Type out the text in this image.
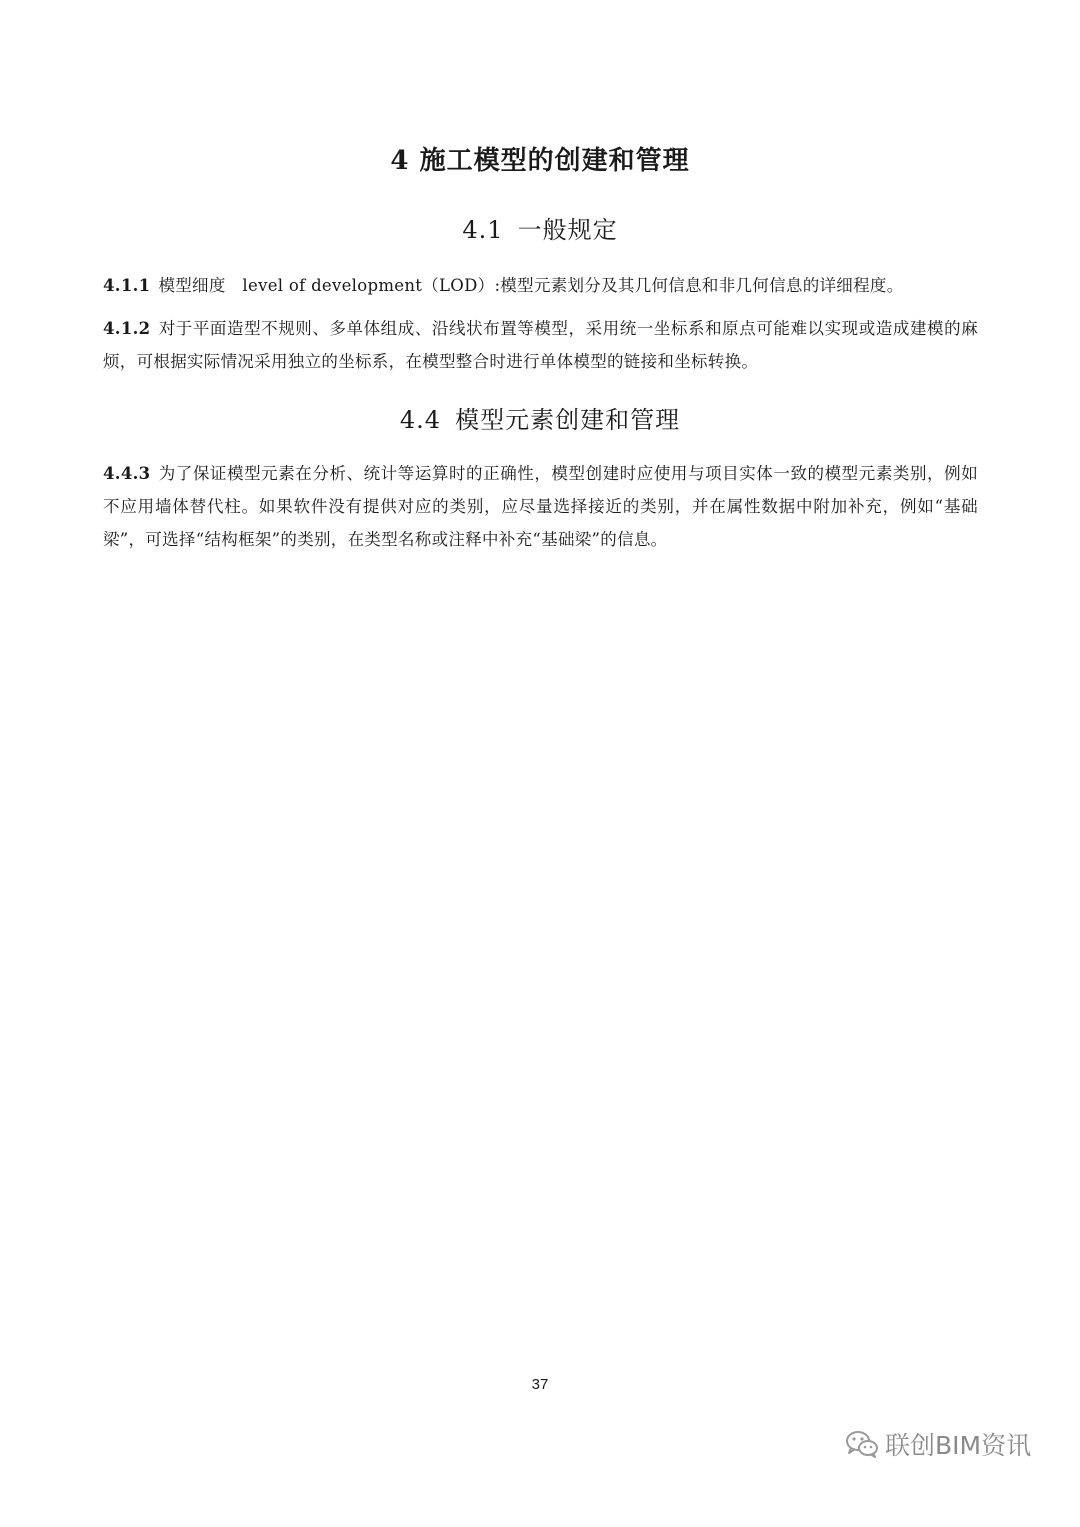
4 施工模型的创建和管理
4.1 一般规定
4.1.1 模型细度　level of development（LOD）:模型元素划分及其几何信息和非几何信息的详细程度。
4.1.2 对于平面造型不规则、多单体组成、沿线状布置等模型，采用统一坐标系和原点可能难以实现或造成建模的麻烦，可根据实际情况采用独立的坐标系，在模型整合时进行单体模型的链接和坐标转换。
4.4 模型元素创建和管理
4.4.3 为了保证模型元素在分析、统计等运算时的正确性，模型创建时应使用与项目实体一致的模型元素类别，例如不应用墙体替代柱。如果软件没有提供对应的类别，应尽量选择接近的类别，并在属性数据中附加补充，例如“基础梁”，可选择“结构框架”的类别，在类型名称或注释中补充“基础梁”的信息。
37
联创BIM资讯
